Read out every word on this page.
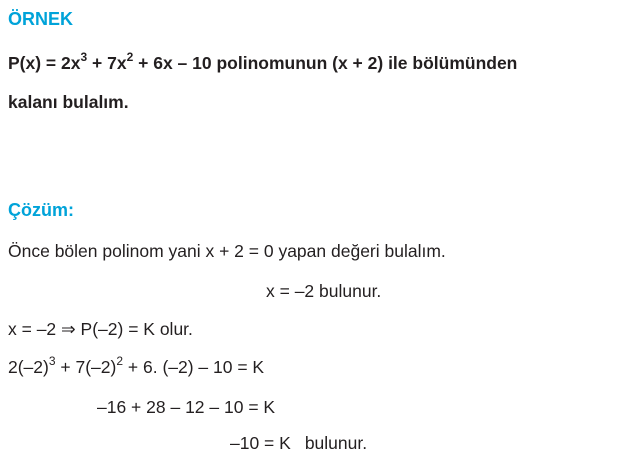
ÖRNEK
$P(x) = 2x^3 + 7x^2 + 6x - 10$ polinomunun (x + 2) ile bölümünden
kalanı bulalım.
Çözüm:
Önce bölen polinom yani x + 2 = 0 yapan değeri bulalım.
x = –2 bulunur.
x = –2 ⇒ P(–2) = K olur.
$2(-2)^3 + 7(-2)^2 + 6$. (–2) – 10 = K
–16 + 28 – 12 – 10 = K
–10 = K bulunur.
